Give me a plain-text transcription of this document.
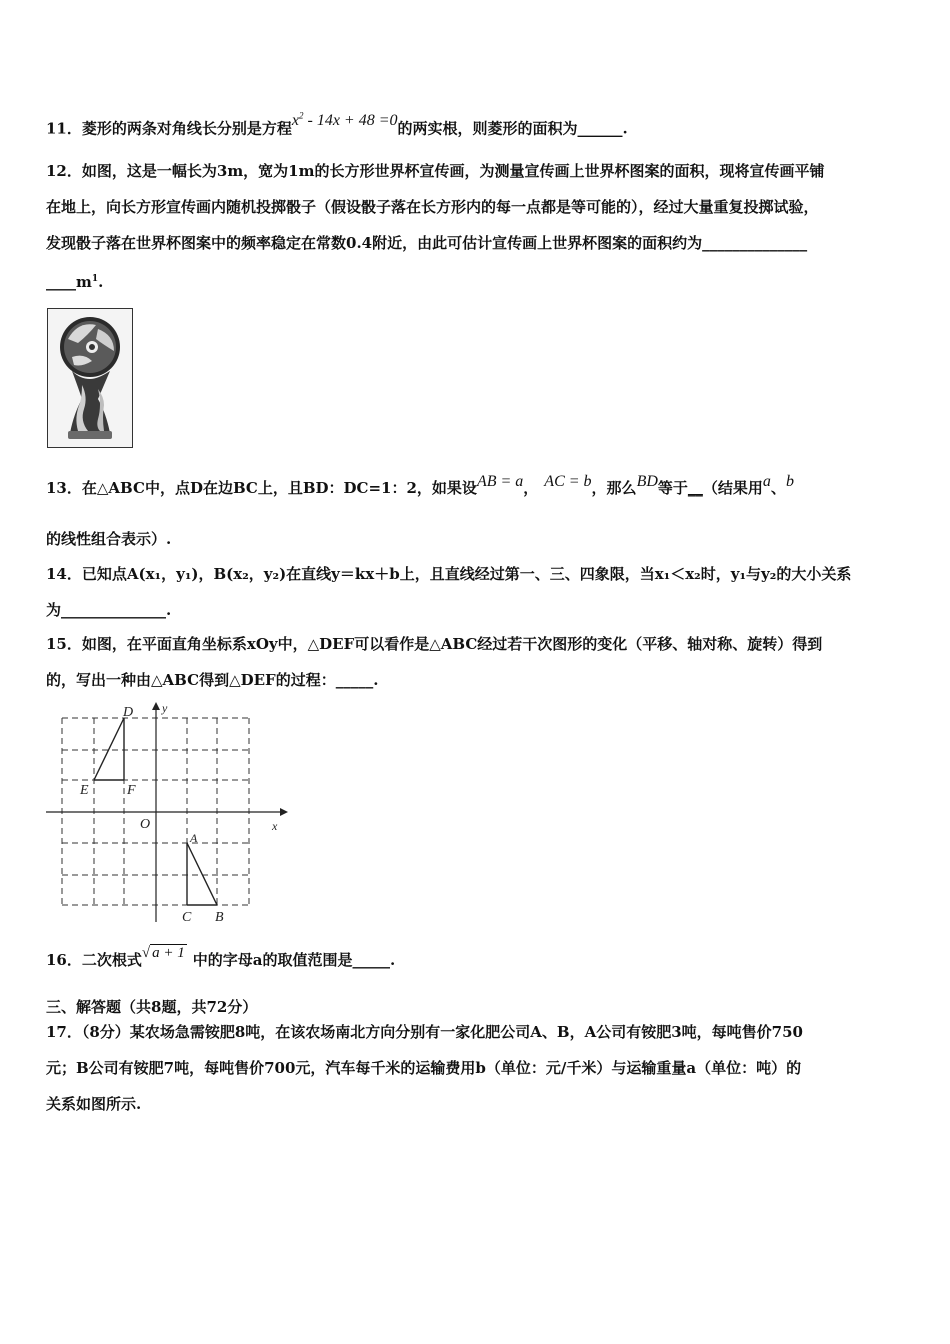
11．菱形的两条对角线长分别是方程$x^2 - 14x + 48 =0$的两实根，则菱形的面积为______.
12．如图，这是一幅长为3m，宽为1m的长方形世界杯宣传画，为测量宣传画上世界杯图案的面积，现将宣传画平铺
在地上，向长方形宣传画内随机投掷骰子（假设骰子落在长方形内的每一点都是等可能的），经过大量重复投掷试验，
发现骰子落在世界杯图案中的频率稳定在常数0.4附近，由此可估计宣传画上世界杯图案的面积约为______________
$\_\_\_\_m^1$.
13．在△ABC中，点D在边BC上，且BD：DC=1：2，如果设AB = a， AC = b，那么BD等于__（结果用a、b
的线性组合表示）.
14．已知点A(x₁，y₁)，B(x₂，y₂)在直线y＝kx＋b上，且直线经过第一、三、四象限，当x₁＜x₂时，y₁与y₂的大小关系
为______________.
15．如图，在平面直角坐标系xOy中，△DEF可以看作是△ABC经过若干次图形的变化（平移、轴对称、旋转）得到
的，写出一种由△ABC得到△DEF的过程：_____.
D
E	F
O
A
C B
x
y
16．二次根式√ a + 1 中的字母a的取值范围是_____.
三、解答题（共8题，共72分）
17．（8分）某农场急需铵肥8吨，在该农场南北方向分别有一家化肥公司A、B，A公司有铵肥3吨，每吨售价750
元；B公司有铵肥7吨，每吨售价700元，汽车每千米的运输费用b（单位：元/千米）与运输重量a（单位：吨）的
关系如图所示.
